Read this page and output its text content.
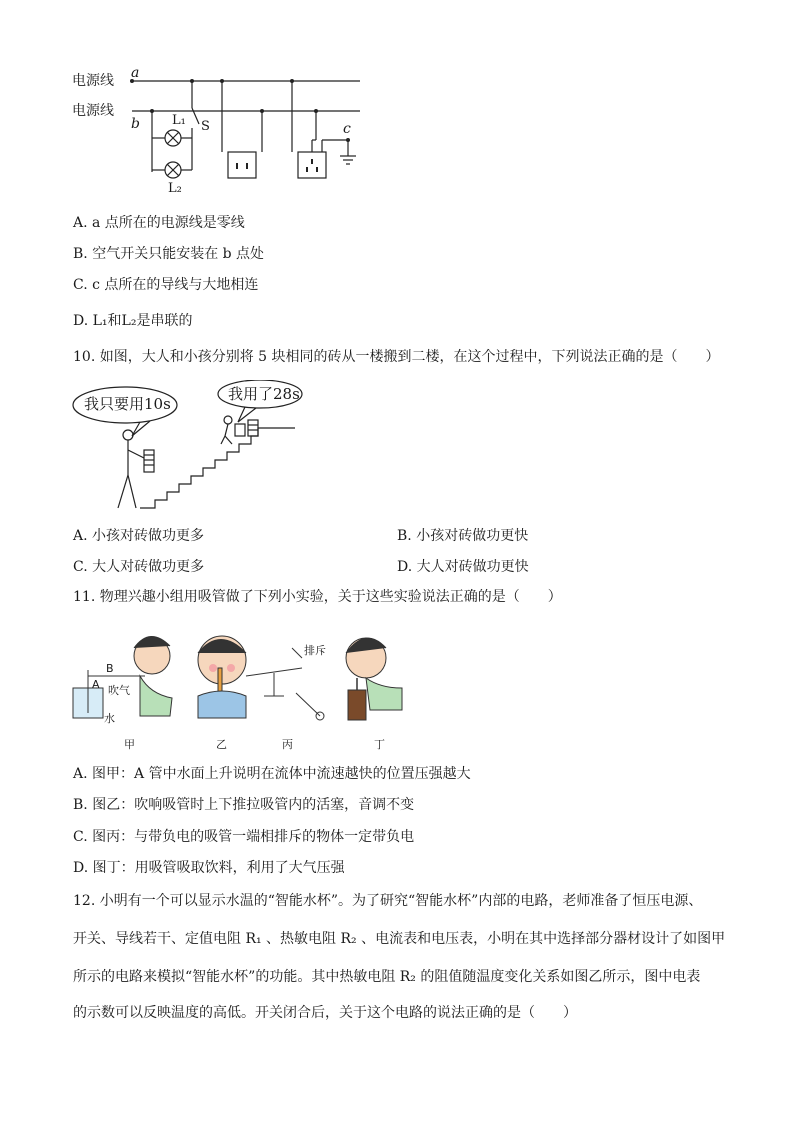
电源线
电源线
a
b	c
L₁
L₂
S
A. a 点所在的电源线是零线
B. 空气开关只能安装在 b 点处
C. c 点所在的导线与大地相连
D. L₁和L₂是串联的
10. 如图，大人和小孩分别将 5 块相同的砖从一楼搬到二楼，在这个过程中，下列说法正确的是（　　）
我只要用10s
我用了28s
A. 小孩对砖做功更多	B. 小孩对砖做功更快
C. 大人对砖做功更多	D. 大人对砖做功更快
11. 物理兴趣小组用吸管做了下列小实验，关于这些实验说法正确的是（　　）
B
A 吹气
水
排斥
甲	乙	丙	丁
A. 图甲：A 管中水面上升说明在流体中流速越快的位置压强越大
B. 图乙：吹响吸管时上下推拉吸管内的活塞，音调不变
C. 图丙：与带负电的吸管一端相排斥的物体一定带负电
D. 图丁：用吸管吸取饮料，利用了大气压强
12. 小明有一个可以显示水温的“智能水杯”。为了研究“智能水杯”内部的电路，老师准备了恒压电源、
开关、导线若干、定值电阻 R₁ 、热敏电阻 R₂ 、电流表和电压表，小明在其中选择部分器材设计了如图甲
所示的电路来模拟“智能水杯”的功能。其中热敏电阻 R₂ 的阻值随温度变化关系如图乙所示，图中电表
的示数可以反映温度的高低。开关闭合后，关于这个电路的说法正确的是（　　）
